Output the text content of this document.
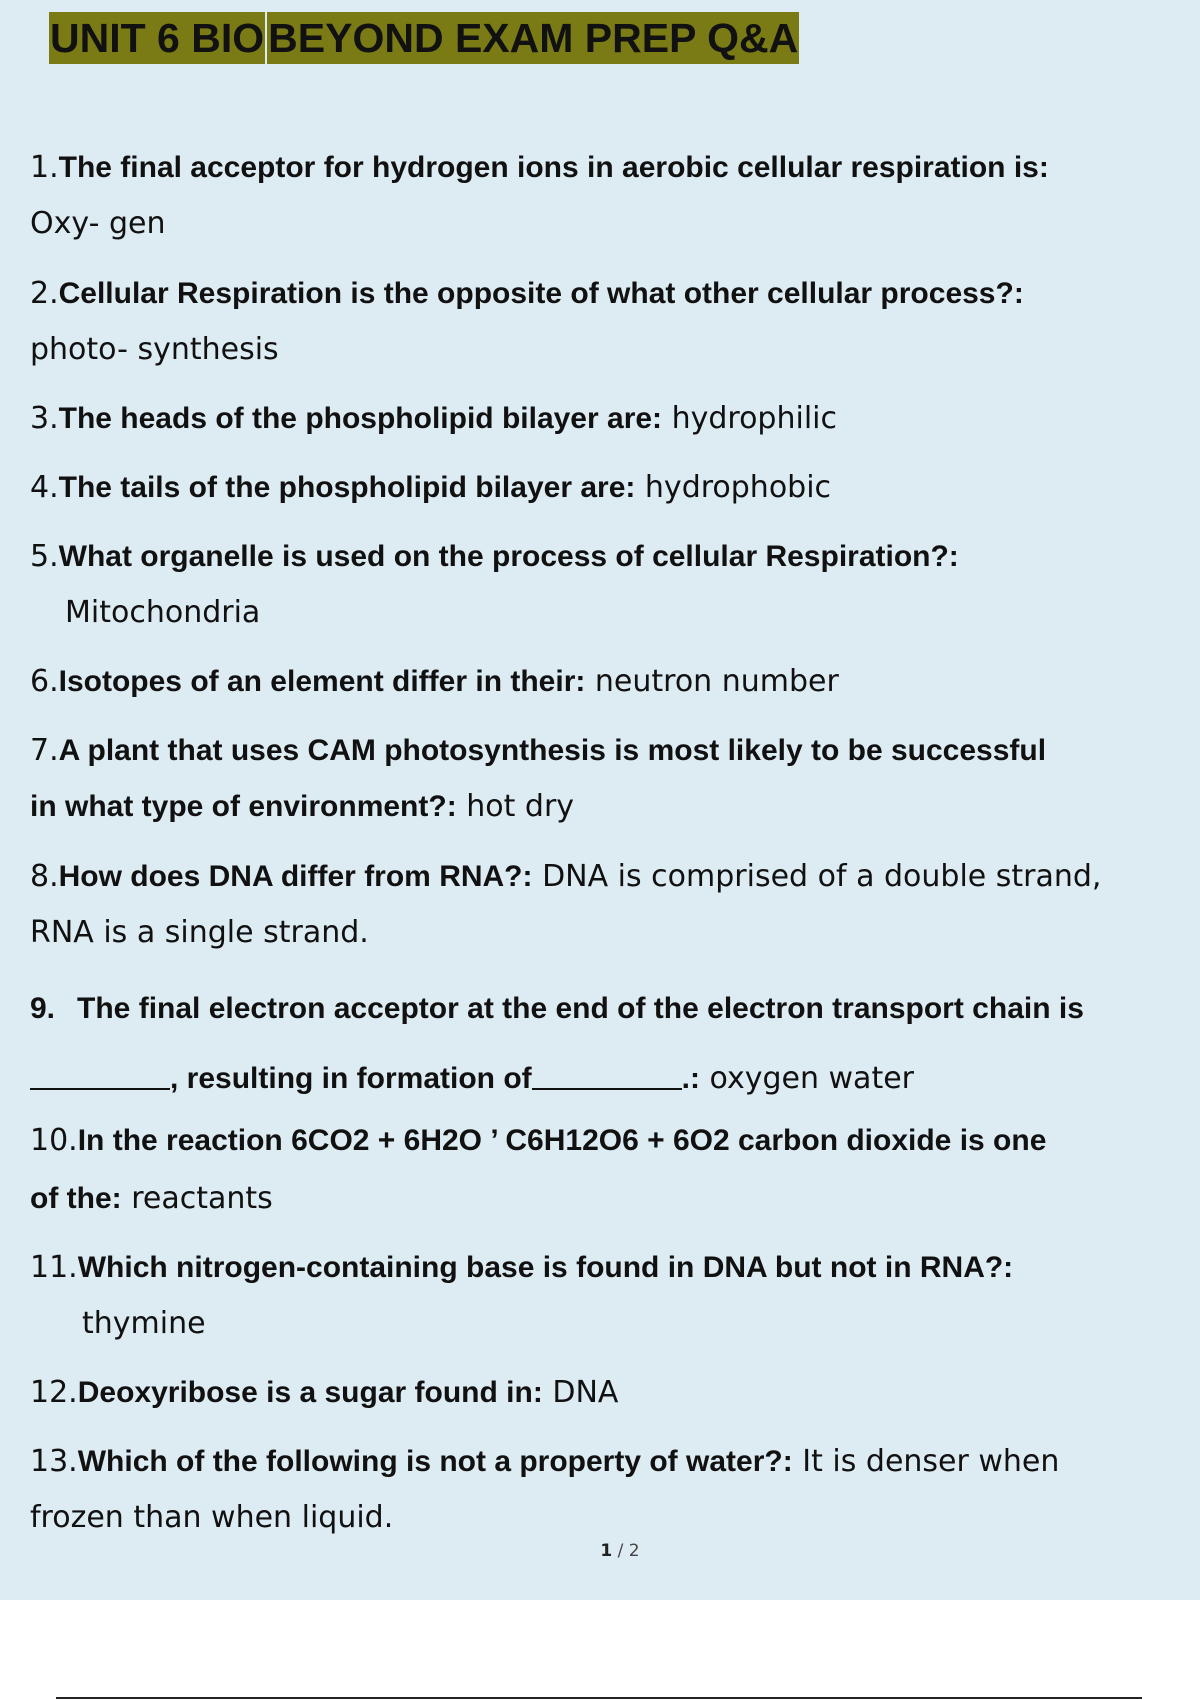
UNIT 6 BIO BEYOND EXAM PREP Q&A

1.The final acceptor for hydrogen ions in aerobic cellular respiration is:
Oxy- gen

2.Cellular Respiration is the opposite of what other cellular process?:
photo- synthesis

3.The heads of the phospholipid bilayer are: hydrophilic

4.The tails of the phospholipid bilayer are: hydrophobic

5.What organelle is used on the process of cellular Respiration?:
Mitochondria

6.Isotopes of an element differ in their: neutron number

7.A plant that uses CAM photosynthesis is most likely to be successful
in what type of environment?: hot dry

8.How does DNA differ from RNA?: DNA is comprised of a double strand,
RNA is a single strand.

9. The final electron acceptor at the end of the electron transport chain is
, resulting in formation of	.: oxygen water

10.In the reaction 6CO2 + 6H2O ’ C6H12O6 + 6O2 carbon dioxide is one
of the: reactants

11.Which nitrogen-containing base is found in DNA but not in RNA?:
thymine

12.Deoxyribose is a sugar found in: DNA

13.Which of the following is not a property of water?: It is denser when
frozen than when liquid.

1 / 2
